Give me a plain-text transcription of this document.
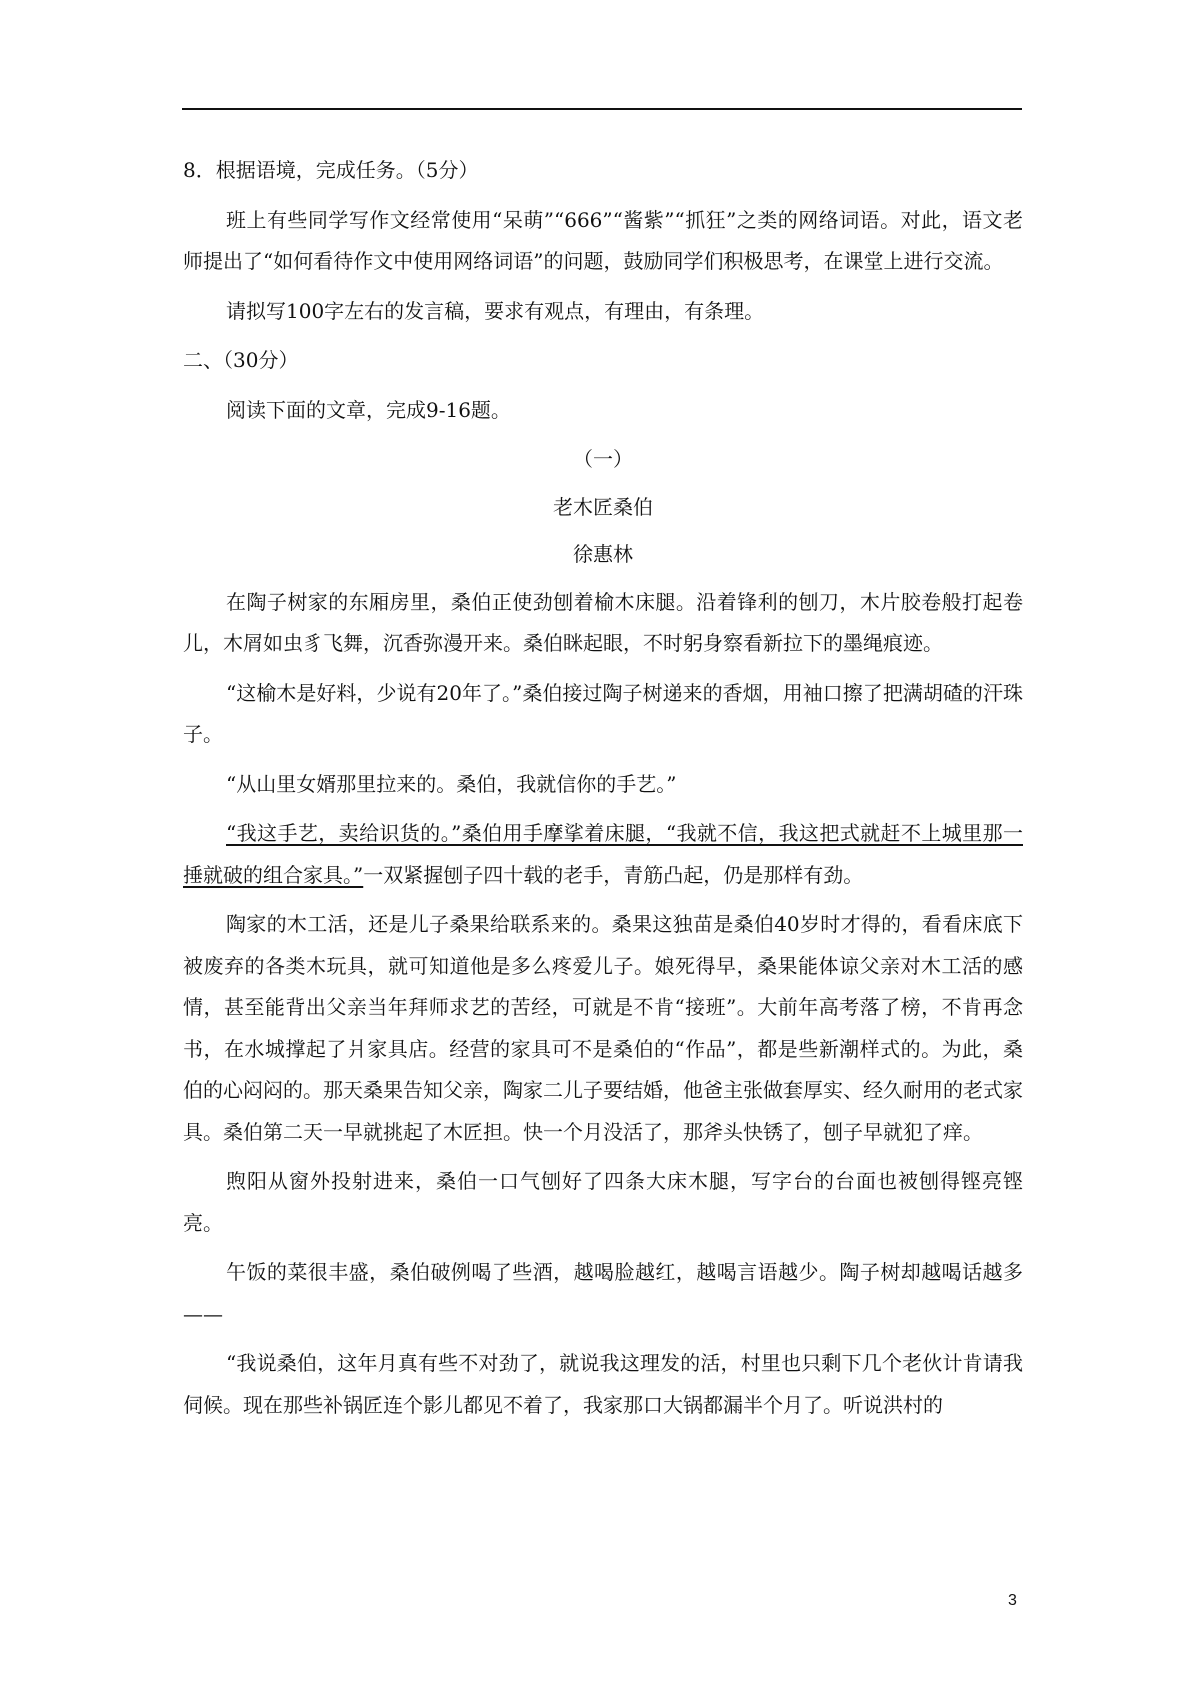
8．根据语境，完成任务。（5分）

班上有些同学写作文经常使用“呆萌”“666”“酱紫”“抓狂”之类的网络词语。对此，语文老师提出了“如何看待作文中使用网络词语”的问题，鼓励同学们积极思考，在课堂上进行交流。

请拟写100字左右的发言稿，要求有观点，有理由，有条理。

二、（30分）

阅读下面的文章，完成9-16题。

（一）

老木匠桑伯

徐惠林

在陶子树家的东厢房里，桑伯正使劲刨着榆木床腿。沿着锋利的刨刀，木片胶卷般打起卷儿，木屑如虫豸飞舞，沉香弥漫开来。桑伯眯起眼，不时躬身察看新拉下的墨绳痕迹。

“这榆木是好料，少说有20年了。”桑伯接过陶子树递来的香烟，用袖口擦了把满胡碴的汗珠子。

“从山里女婿那里拉来的。桑伯，我就信你的手艺。”

“我这手艺，卖给识货的。”桑伯用手摩挲着床腿，“我就不信，我这把式就赶不上城里那一捶就破的组合家具。”一双紧握刨子四十载的老手，青筋凸起，仍是那样有劲。

陶家的木工活，还是儿子桑果给联系来的。桑果这独苗是桑伯40岁时才得的，看看床底下被废弃的各类木玩具，就可知道他是多么疼爱儿子。娘死得早，桑果能体谅父亲对木工活的感情，甚至能背出父亲当年拜师求艺的苦经，可就是不肯“接班”。大前年高考落了榜，不肯再念书，在水城撑起了爿家具店。经营的家具可不是桑伯的“作品”，都是些新潮样式的。为此，桑伯的心闷闷的。那天桑果告知父亲，陶家二儿子要结婚，他爸主张做套厚实、经久耐用的老式家具。桑伯第二天一早就挑起了木匠担。快一个月没活了，那斧头快锈了，刨子早就犯了痒。

煦阳从窗外投射进来，桑伯一口气刨好了四条大床木腿，写字台的台面也被刨得铿亮铿亮。

午饭的菜很丰盛，桑伯破例喝了些酒，越喝脸越红，越喝言语越少。陶子树却越喝话越多——

“我说桑伯，这年月真有些不对劲了，就说我这理发的活，村里也只剩下几个老伙计肯请我伺候。现在那些补锅匠连个影儿都见不着了，我家那口大锅都漏半个月了。听说洪村的

3
